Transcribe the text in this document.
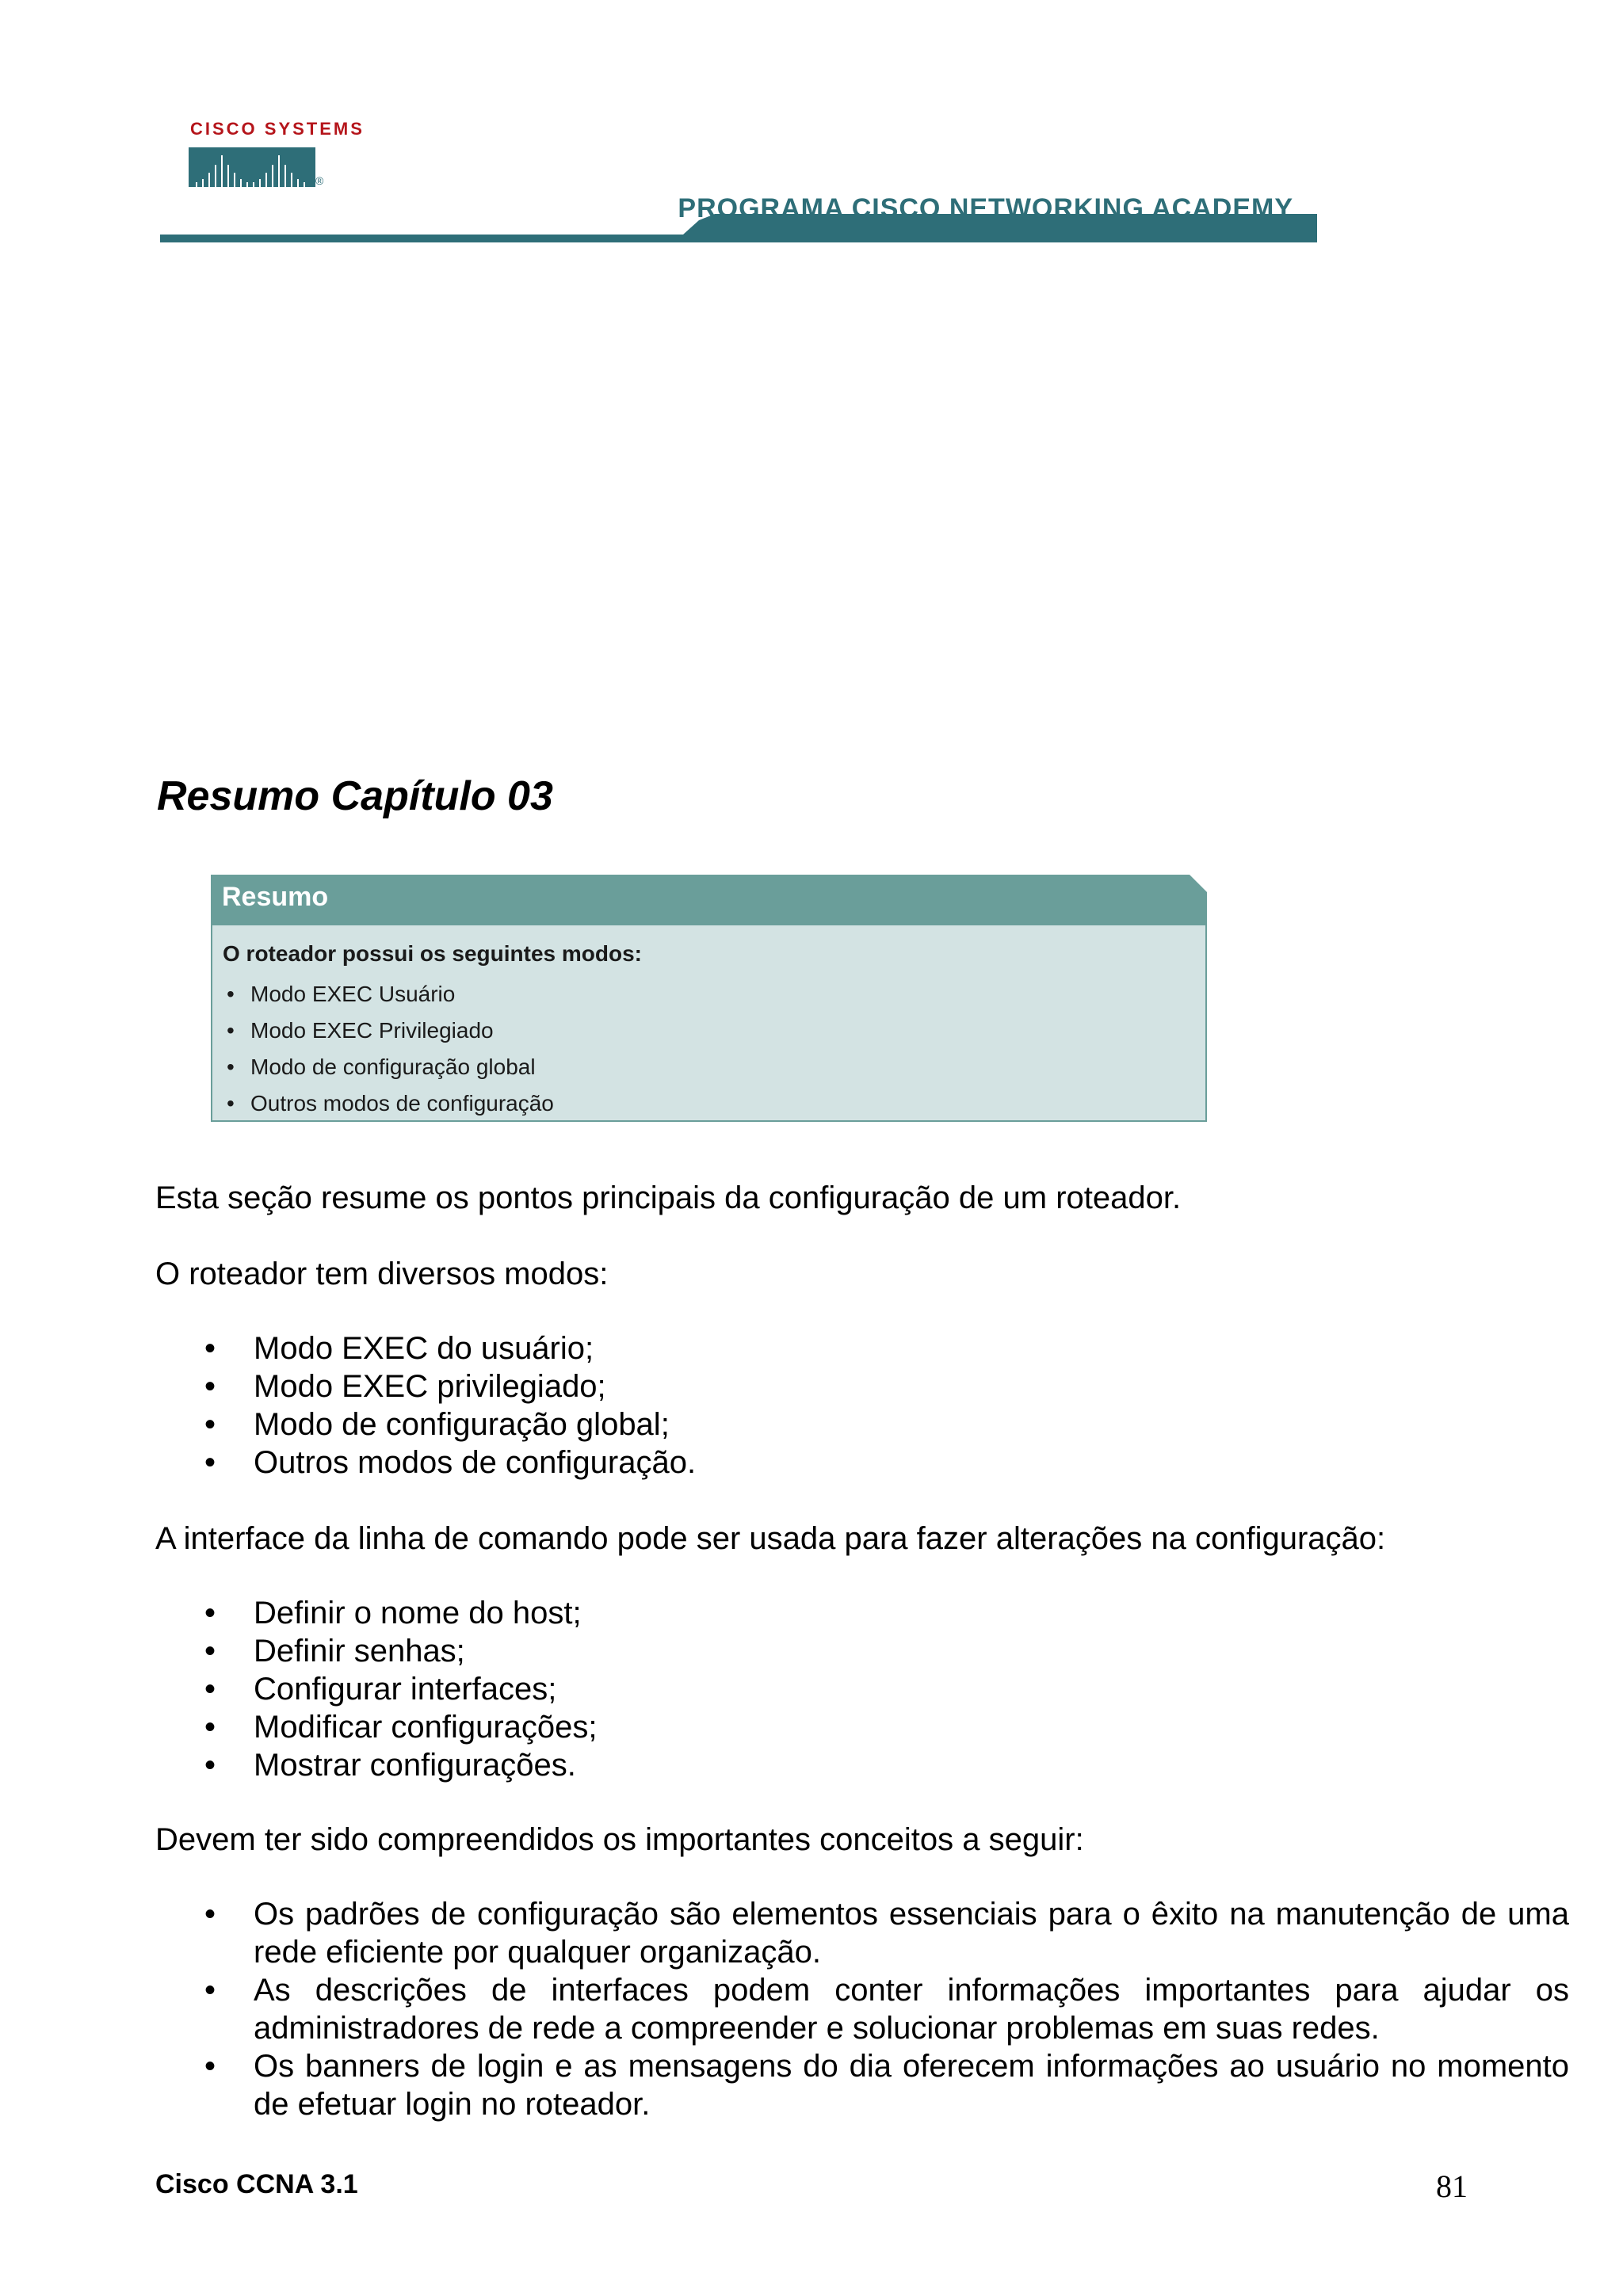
CISCO SYSTEMS
®
PROGRAMA CISCO NETWORKING ACADEMY
Resumo Capítulo 03
Resumo
O roteador possui os seguintes modos:
• Modo EXEC Usuário
• Modo EXEC Privilegiado
• Modo de configuração global
• Outros modos de configuração
Esta seção resume os pontos principais da configuração de um roteador.
O roteador tem diversos modos:
• Modo EXEC do usuário;
• Modo EXEC privilegiado;
• Modo de configuração global;
• Outros modos de configuração.
A interface da linha de comando pode ser usada para fazer alterações na configuração:
• Definir o nome do host;
• Definir senhas;
• Configurar interfaces;
• Modificar configurações;
• Mostrar configurações.
Devem ter sido compreendidos os importantes conceitos a seguir:
• Os padrões de configuração são elementos essenciais para o êxito na manutenção de uma rede eficiente por qualquer organização.
• As descrições de interfaces podem conter informações importantes para ajudar os administradores de rede a compreender e solucionar problemas em suas redes.
• Os banners de login e as mensagens do dia oferecem informações ao usuário no momento de efetuar login no roteador.
Cisco CCNA 3.1	81
